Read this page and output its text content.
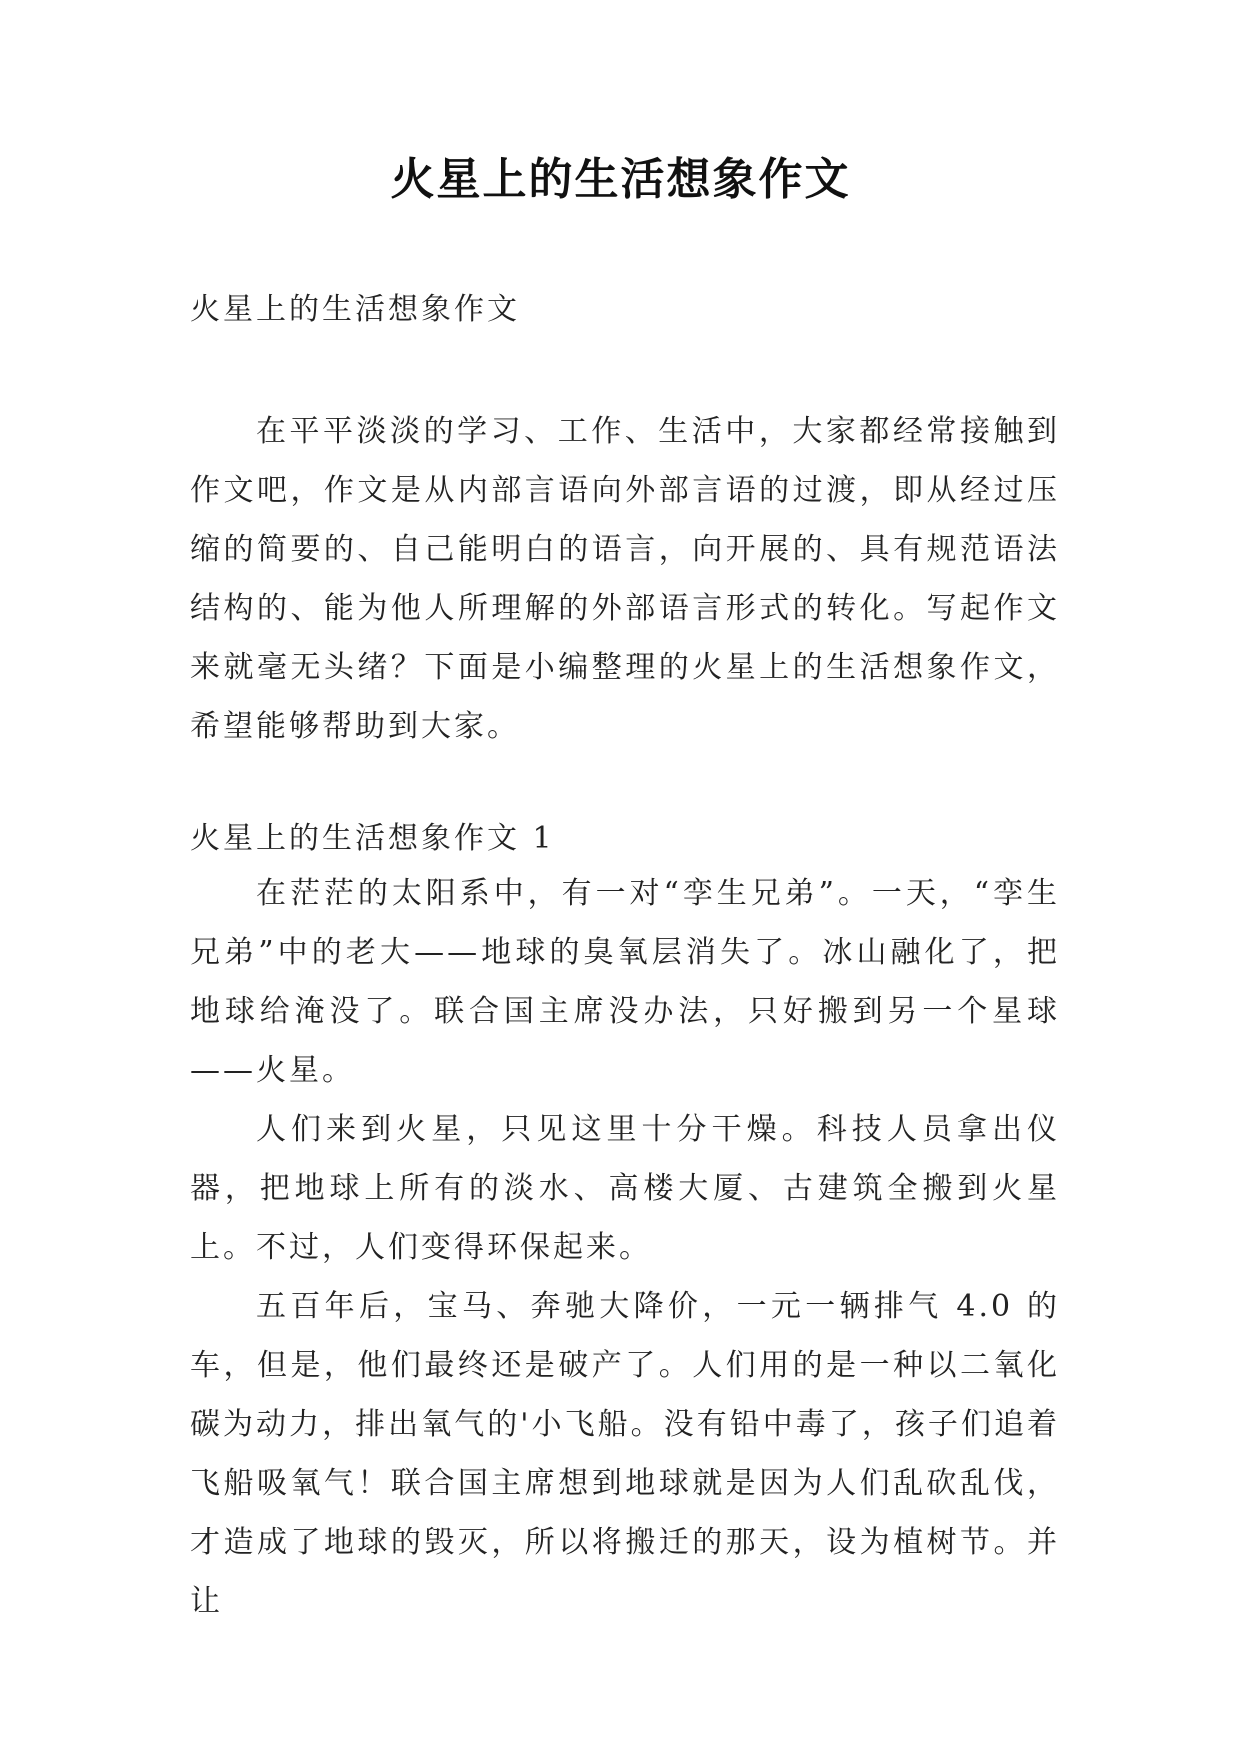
火星上的生活想象作文

火星上的生活想象作文

在平平淡淡的学习、工作、生活中，大家都经常接触到作文吧，作文是从内部言语向外部言语的过渡，即从经过压缩的简要的、自己能明白的语言，向开展的、具有规范语法结构的、能为他人所理解的外部语言形式的转化。写起作文来就毫无头绪？下面是小编整理的火星上的生活想象作文，希望能够帮助到大家。

火星上的生活想象作文 1

在茫茫的太阳系中，有一对“孪生兄弟”。一天，“孪生兄弟”中的老大——地球的臭氧层消失了。冰山融化了，把地球给淹没了。联合国主席没办法，只好搬到另一个星球——火星。

人们来到火星，只见这里十分干燥。科技人员拿出仪器，把地球上所有的淡水、高楼大厦、古建筑全搬到火星上。不过，人们变得环保起来。

五百年后，宝马、奔驰大降价，一元一辆排气 4.0 的车，但是，他们最终还是破产了。人们用的是一种以二氧化碳为动力，排出氧气的'小飞船。没有铅中毒了，孩子们追着飞船吸氧气！联合国主席想到地球就是因为人们乱砍乱伐，才造成了地球的毁灭，所以将搬迁的那天，设为植树节。并让
